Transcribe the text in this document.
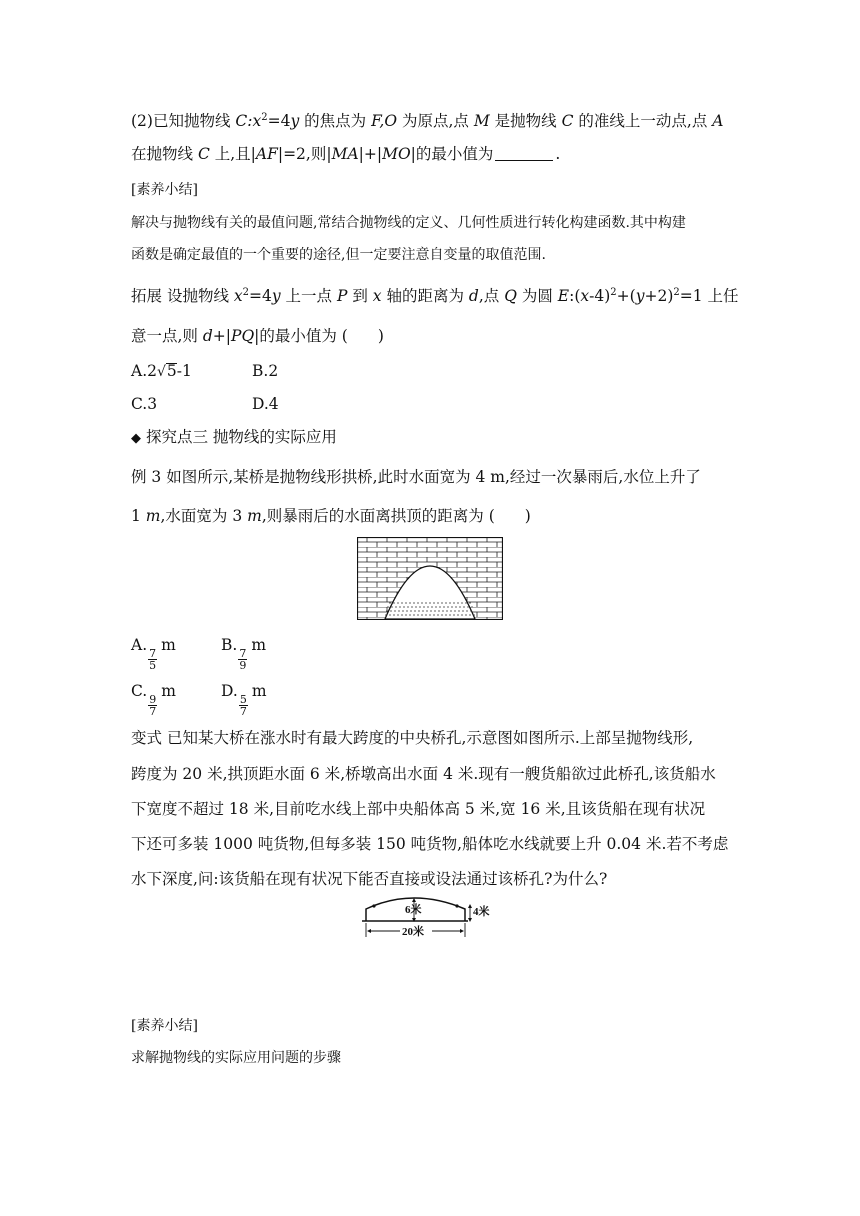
(2)已知抛物线 $C:x^2=4y$ 的焦点为 F,O 为原点,点 M 是抛物线 C 的准线上一动点,点 A
在抛物线 C 上,且|AF|=2,则|MA|+|MO|的最小值为	.
[素养小结]
解决与抛物线有关的最值问题,常结合抛物线的定义、几何性质进行转化构建函数.其中构建
函数是确定最值的一个重要的途径,但一定要注意自变量的取值范围.
拓展 设抛物线 $x^2=4y$ 上一点 P 到 x 轴的距离为 d,点 Q 为圆 $E:(x-4)^2+(y+2)^2=1$ 上任
意一点,则 d+|PQ|的最小值为 ( )
A.2√5-1	B.2
C.3	D.4
◆ 探究点三 抛物线的实际应用
例 3 如图所示,某桥是抛物线形拱桥,此时水面宽为 4 m,经过一次暴雨后,水位上升了
1 m,水面宽为 3 m,则暴雨后的水面离拱顶的距离为 ( )
A.
$\frac{7}{5}$
m	B.
$\frac{7}{9}$
m
C.
$\frac{9}{7}$
m	D.
$\frac{5}{7}$
m
变式 已知某大桥在涨水时有最大跨度的中央桥孔,示意图如图所示.上部呈抛物线形,
跨度为 20 米,拱顶距水面 6 米,桥墩高出水面 4 米.现有一艘货船欲过此桥孔,该货船水
下宽度不超过 18 米,目前吃水线上部中央船体高 5 米,宽 16 米,且该货船在现有状况
下还可多装 1000 吨货物,但每多装 150 吨货物,船体吃水线就要上升 0.04 米.若不考虑
水下深度,问:该货船在现有状况下能否直接或设法通过该桥孔?为什么?
6米	4米
20米
[素养小结]
求解抛物线的实际应用问题的步骤
